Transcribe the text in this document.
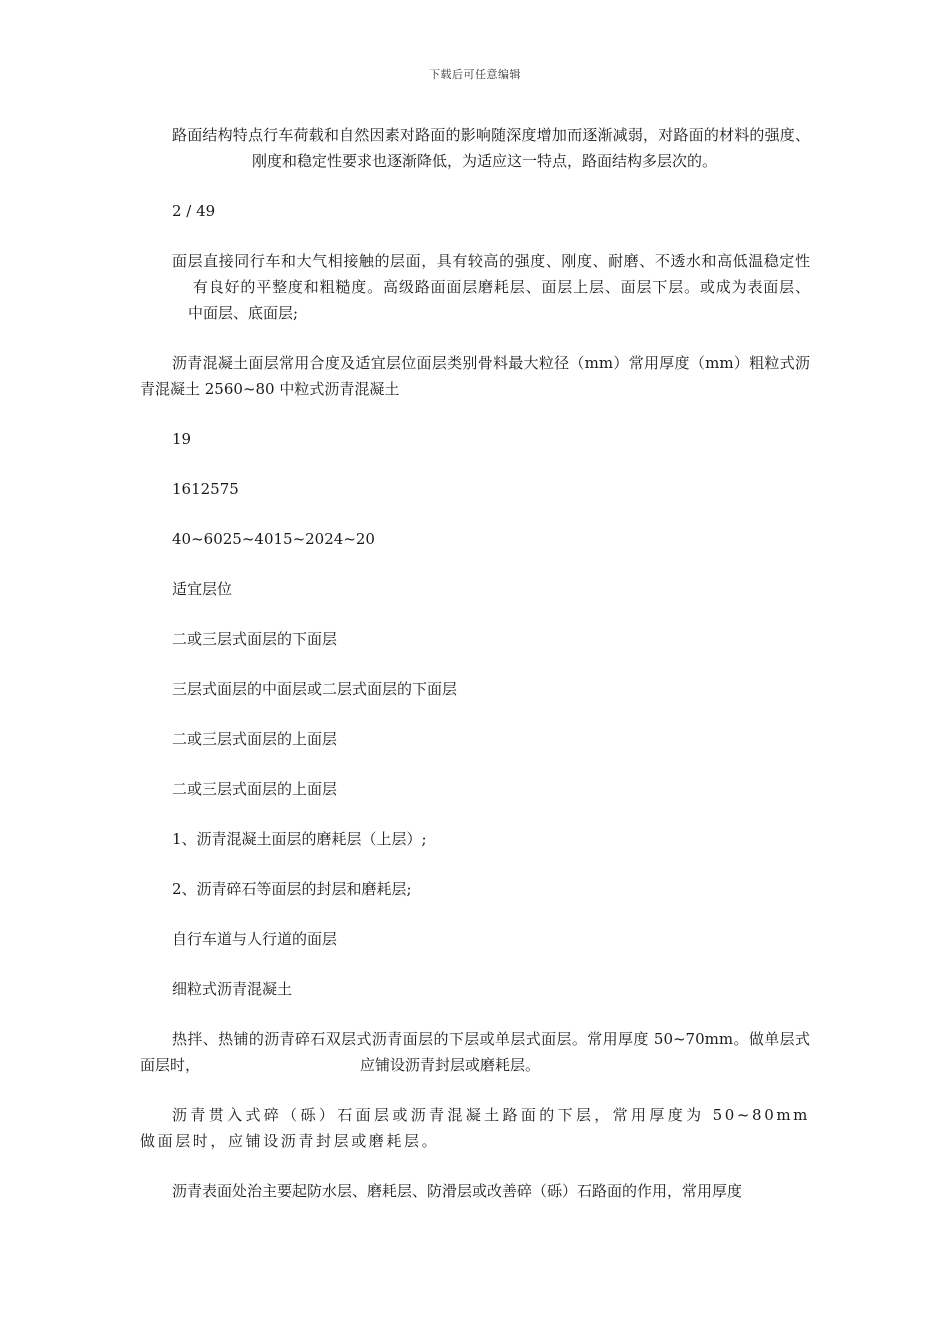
下载后可任意编辑

路面结构特点行车荷载和自然因素对路面的影响随深度增加而逐渐减弱，对路面的材料的强度、刚度和稳定性要求也逐渐降低，为适应这一特点，路面结构多层次的。

2 / 49

面层直接同行车和大气相接触的层面，具有较高的强度、刚度、耐磨、不透水和高低温稳定性有良好的平整度和粗糙度。高级路面面层磨耗层、面层上层、面层下层。或成为表面层、中面层、底面层;

沥青混凝土面层常用合度及适宜层位面层类别骨料最大粒径（mm）常用厚度（mm）粗粒式沥青混凝土 2560~80 中粒式沥青混凝土

19

1612575

40~6025~4015~2024~20

适宜层位

二或三层式面层的下面层

三层式面层的中面层或二层式面层的下面层

二或三层式面层的上面层

二或三层式面层的上面层

1、沥青混凝土面层的磨耗层（上层）;

2、沥青碎石等面层的封层和磨耗层;

自行车道与人行道的面层

细粒式沥青混凝土

热拌、热铺的沥青碎石双层式沥青面层的下层或单层式面层。常用厚度 50~70mm。做单层式面层时，	应铺设沥青封层或磨耗层。

沥青贯入式碎（砾）石面层或沥青混凝土路面的下层，常用厚度为 50~80mm 做面层时，应铺设沥青封层或磨耗层。

沥青表面处治主要起防水层、磨耗层、防滑层或改善碎（砾）石路面的作用，常用厚度
